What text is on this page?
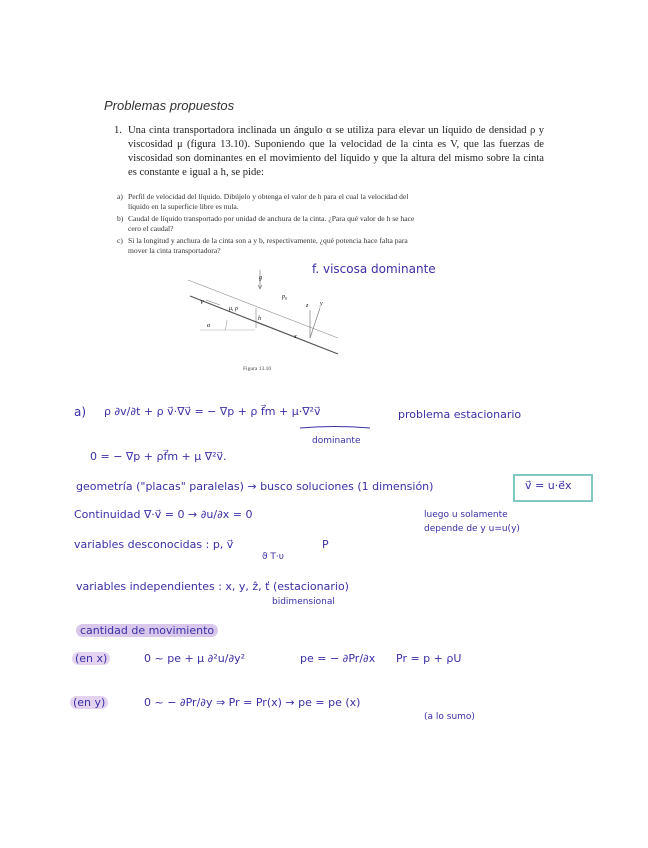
Problemas propuestos
1. Una cinta transportadora inclinada un ángulo α se utiliza para elevar un líquido de densidad ρ y viscosidad μ (figura 13.10). Suponiendo que la velocidad de la cinta es V, que las fuerzas de viscosidad son dominantes en el movimiento del líquido y que la altura del mismo sobre la cinta es constante e igual a h, se pide:
a) Perfil de velocidad del líquido. Dibújelo y obtenga el valor de h para el cual la velocidad del líquido en la superficie libre es nula.
b) Caudal de líquido transportado por unidad de anchura de la cinta. ¿Para qué valor de h se hace cero el caudal?
c) Si la longitud y anchura de la cinta son a y b, respectivamente, ¿qué potencia hace falta para mover la cinta transportadora?
g
V
μ, ρ
$p_a$
h
z y
x
α
Figura 13.10
f. viscosa dominante
a) ρ ∂v/∂t + ρ v⃗·∇v⃗ = − ∇p + ρ f⃗m + μ·∇²v⃗	problema estacionario
dominante
0 = − ∇p + ρf⃗m + μ ∇²v⃗.
geometría ("placas" paralelas) → busco soluciones (1 dimensión)	v⃗ = u·e⃗x
Continuidad ∇·v⃗ = 0 → ∂u/∂x = 0	luego u solamente
depende de y u=u(y)
variables desconocidas : p, v⃗
ϑ T·υ
P
variables independientes : x, y, ẑ, ť (estacionario)
bidimensional
cantidad de movimiento
(en x)	0 ~ pe + μ ∂²u/∂y²	pe = − ∂Pr/∂x Pr = p + ρU
(en y)	0 ~ − ∂Pr/∂y ⇒ Pr = Pr(x) → pe = pe (x)
(a lo sumo)
